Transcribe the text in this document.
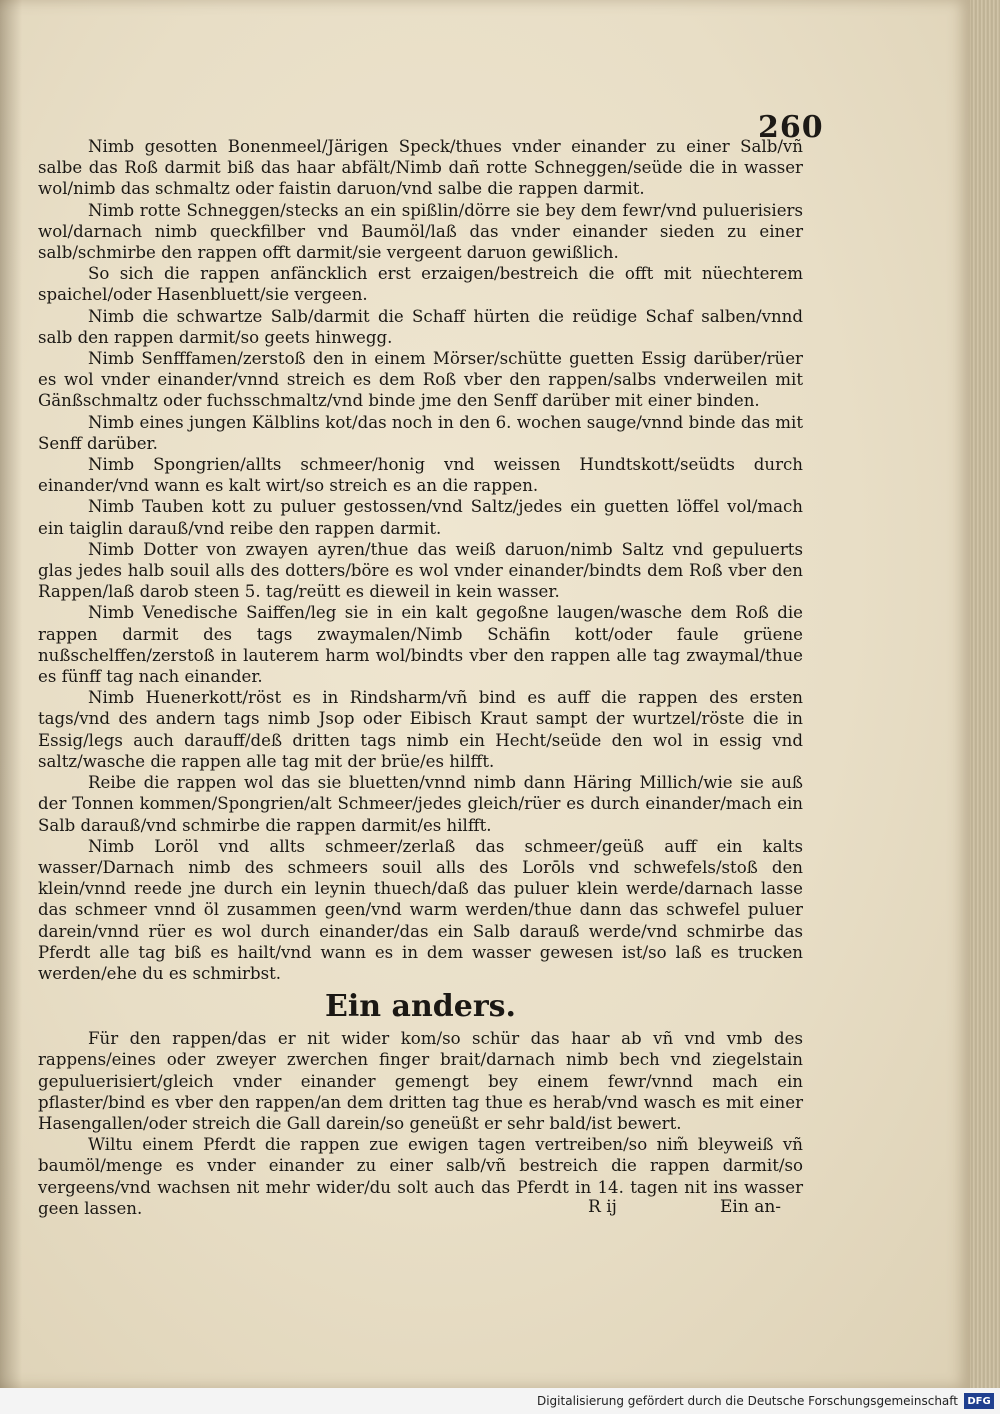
260

Nimb gesotten Bonenmeel/Järigen Speck/thues vnder einander zu einer Salb/vñ salbe das Roß darmit biß das haar abfält/Nimb dañ rotte Schneggen/seüde die in wasser wol/nimb das schmaltz oder faistin daruon/vnd salbe die rappen darmit.

Nimb rotte Schneggen/stecks an ein spißlin/dörre sie bey dem fewr/vnd puluerisiers wol/darnach nimb queckfilber vnd Baumöl/laß das vnder einander sieden zu einer salb/schmirbe den rappen offt darmit/sie vergeent daruon gewißlich.

So sich die rappen anfäncklich erst erzaigen/bestreich die offt mit nüechterem spaichel/oder Hasenbluett/sie vergeen.

Nimb die schwartze Salb/darmit die Schaff hürten die reüdige Schaf salben/vnnd salb den rappen darmit/so geets hinwegg.

Nimb Senfffamen/zerstoß den in einem Mörser/schütte guetten Essig darüber/rüer es wol vnder einander/vnnd streich es dem Roß vber den rappen/salbs vnderweilen mit Gänßschmaltz oder fuchsschmaltz/vnd binde jme den Senff darüber mit einer binden.

Nimb eines jungen Kälblins kot/das noch in den 6. wochen sauge/vnnd binde das mit Senff darüber.

Nimb Spongrien/allts schmeer/honig vnd weissen Hundtskott/seüdts durch einander/vnd wann es kalt wirt/so streich es an die rappen.

Nimb Tauben kott zu puluer gestossen/vnd Saltz/jedes ein guetten löffel vol/mach ein taiglin darauß/vnd reibe den rappen darmit.

Nimb Dotter von zwayen ayren/thue das weiß daruon/nimb Saltz vnd gepuluerts glas jedes halb souil alls des dotters/böre es wol vnder einander/bindts dem Roß vber den Rappen/laß darob steen 5. tag/reütt es dieweil in kein wasser.

Nimb Venedische Saiffen/leg sie in ein kalt gegoßne laugen/wasche dem Roß die rappen darmit des tags zwaymalen/Nimb Schäfin kott/oder faule grüene nußschelffen/zerstoß in lauterem harm wol/bindts vber den rappen alle tag zwaymal/thue es fünff tag nach einander.

Nimb Huenerkott/röst es in Rindsharm/vñ bind es auff die rappen des ersten tags/vnd des andern tags nimb Jsop oder Eibisch Kraut sampt der wurtzel/röste die in Essig/legs auch darauff/deß dritten tags nimb ein Hecht/seüde den wol in essig vnd saltz/wasche die rappen alle tag mit der brüe/es hilfft.

Reibe die rappen wol das sie bluetten/vnnd nimb dann Häring Millich/wie sie auß der Tonnen kommen/Spongrien/alt Schmeer/jedes gleich/rüer es durch einander/mach ein Salb darauß/vnd schmirbe die rappen darmit/es hilfft.

Nimb Loröl vnd allts schmeer/zerlaß das schmeer/geüß auff ein kalts wasser/Darnach nimb des schmeers souil alls des Lorōls vnd schwefels/stoß den klein/vnnd reede jne durch ein leynin thuech/daß das puluer klein werde/darnach lasse das schmeer vnnd öl zusammen geen/vnd warm werden/thue dann das schwefel puluer darein/vnnd rüer es wol durch einander/das ein Salb darauß werde/vnd schmirbe das Pferdt alle tag biß es hailt/vnd wann es in dem wasser gewesen ist/so laß es trucken werden/ehe du es schmirbst.

Ein anders.

Für den rappen/das er nit wider kom/so schür das haar ab vñ vnd vmb des rappens/eines oder zweyer zwerchen finger brait/darnach nimb bech vnd ziegelstain gepuluerisiert/gleich vnder einander gemengt bey einem fewr/vnnd mach ein pflaster/bind es vber den rappen/an dem dritten tag thue es herab/vnd wasch es mit einer Hasengallen/oder streich die Gall darein/so geneüßt er sehr bald/ist bewert.

Wiltu einem Pferdt die rappen zue ewigen tagen vertreiben/so nim̃ bleyweiß vñ baumöl/menge es vnder einander zu einer salb/vñ bestreich die rappen darmit/so vergeens/vnd wachsen nit mehr wider/du solt auch das Pferdt in 14. tagen nit ins wasser geen lassen.	R ij	Ein an-
Digitalisierung gefördert durch die Deutsche Forschungsgemeinschaft DFG
